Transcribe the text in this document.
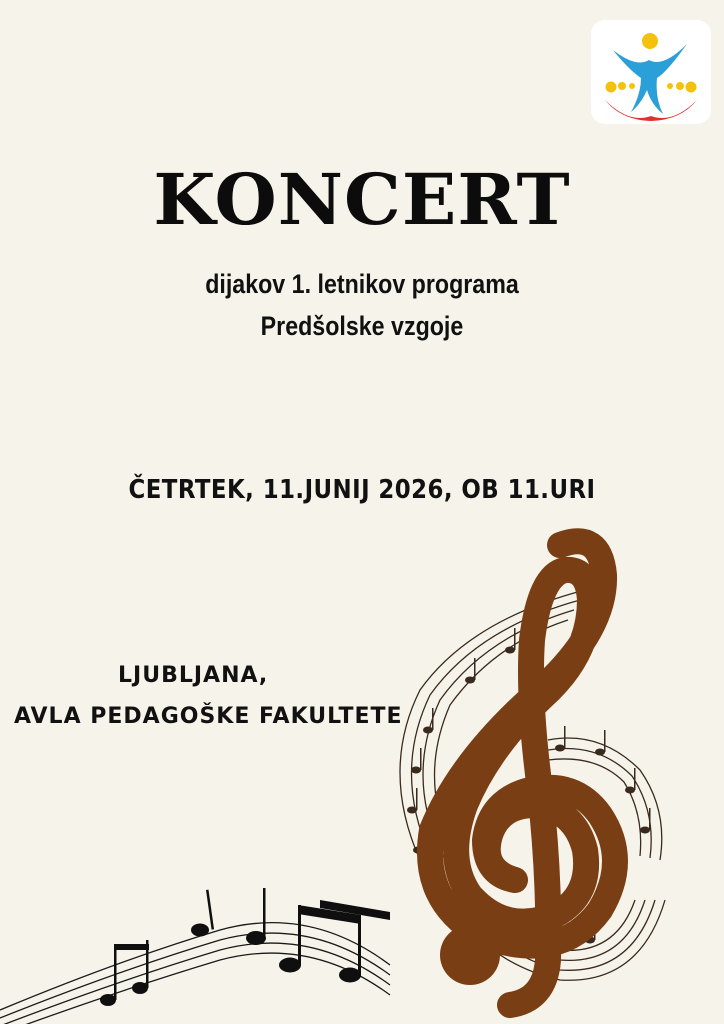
KONCERT
dijakov 1. letnikov programa
Predšolske vzgoje
ČETRTEK, 11.JUNIJ 2026, OB 11.URI
LJUBLJANA,
AVLA PEDAGOŠKE FAKULTETE
